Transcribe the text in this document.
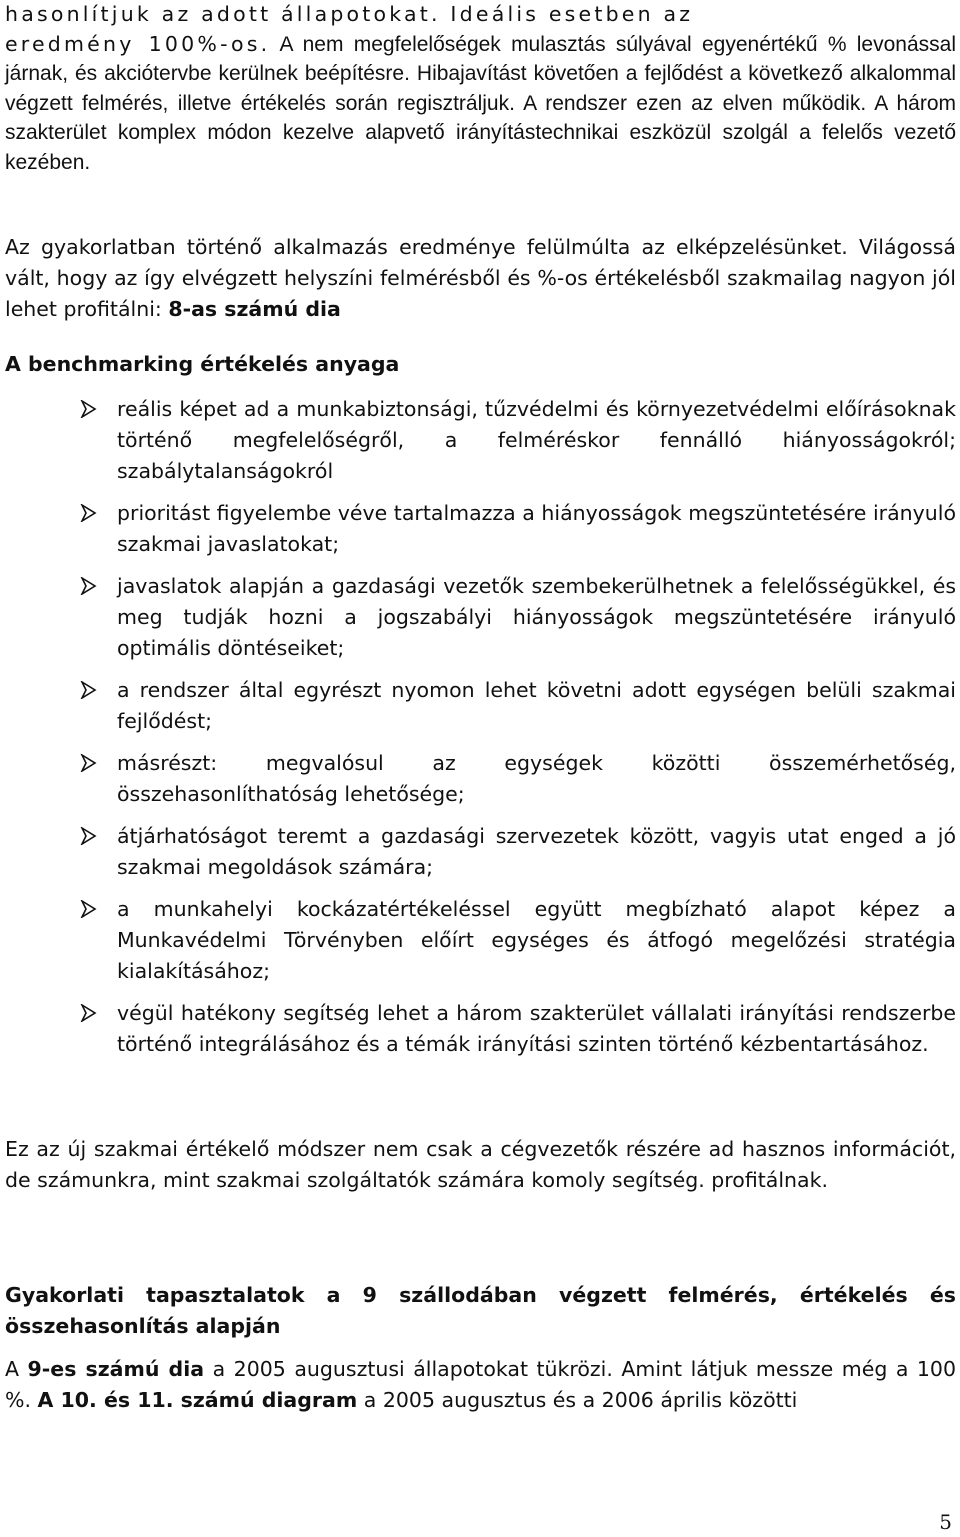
hasonlítjuk az adott állapotokat. Ideális esetben az
eredmény 100%-os. A nem megfelelőségek mulasztás súlyával egyenértékű % levonással járnak, és akciótervbe kerülnek beépítésre. Hibajavítást követően a fejlődést a következő alkalommal végzett felmérés, illetve értékelés során regisztráljuk. A rendszer ezen az elven működik. A három szakterület komplex módon kezelve alapvető irányítástechnikai eszközül szolgál a felelős vezető kezében.

Az gyakorlatban történő alkalmazás eredménye felülmúlta az elképzelésünket. Világossá vált, hogy az így elvégzett helyszíni felmérésből és %-os értékelésből szakmailag nagyon jól lehet profitálni: 8-as számú dia

A benchmarking értékelés anyaga

reális képet ad a munkabiztonsági, tűzvédelmi és környezetvédelmi előírásoknak történő megfelelőségről, a felméréskor fennálló hiányosságokról; szabálytalanságokról
prioritást figyelembe véve tartalmazza a hiányosságok megszüntetésére irányuló szakmai javaslatokat;
javaslatok alapján a gazdasági vezetők szembekerülhetnek a felelősségükkel, és meg tudják hozni a jogszabályi hiányosságok megszüntetésére irányuló optimális döntéseiket;
a rendszer által egyrészt nyomon lehet követni adott egységen belüli szakmai fejlődést;
másrészt: megvalósul az egységek közötti összemérhetőség, összehasonlíthatóság lehetősége;
átjárhatóságot teremt a gazdasági szervezetek között, vagyis utat enged a jó szakmai megoldások számára;
a munkahelyi kockázatértékeléssel együtt megbízható alapot képez a Munkavédelmi Törvényben előírt egységes és átfogó megelőzési stratégia kialakításához;
végül hatékony segítség lehet a három szakterület vállalati irányítási rendszerbe történő integrálásához és a témák irányítási szinten történő kézbentartásához.

Ez az új szakmai értékelő módszer nem csak a cégvezetők részére ad hasznos információt, de számunkra, mint szakmai szolgáltatók számára komoly segítség. profitálnak.

Gyakorlati tapasztalatok a 9 szállodában végzett felmérés, értékelés és összehasonlítás alapján

A 9-es számú dia a 2005 augusztusi állapotokat tükrözi. Amint látjuk messze még a 100 %. A 10. és 11. számú diagram a 2005 augusztus és a 2006 április közötti

5
